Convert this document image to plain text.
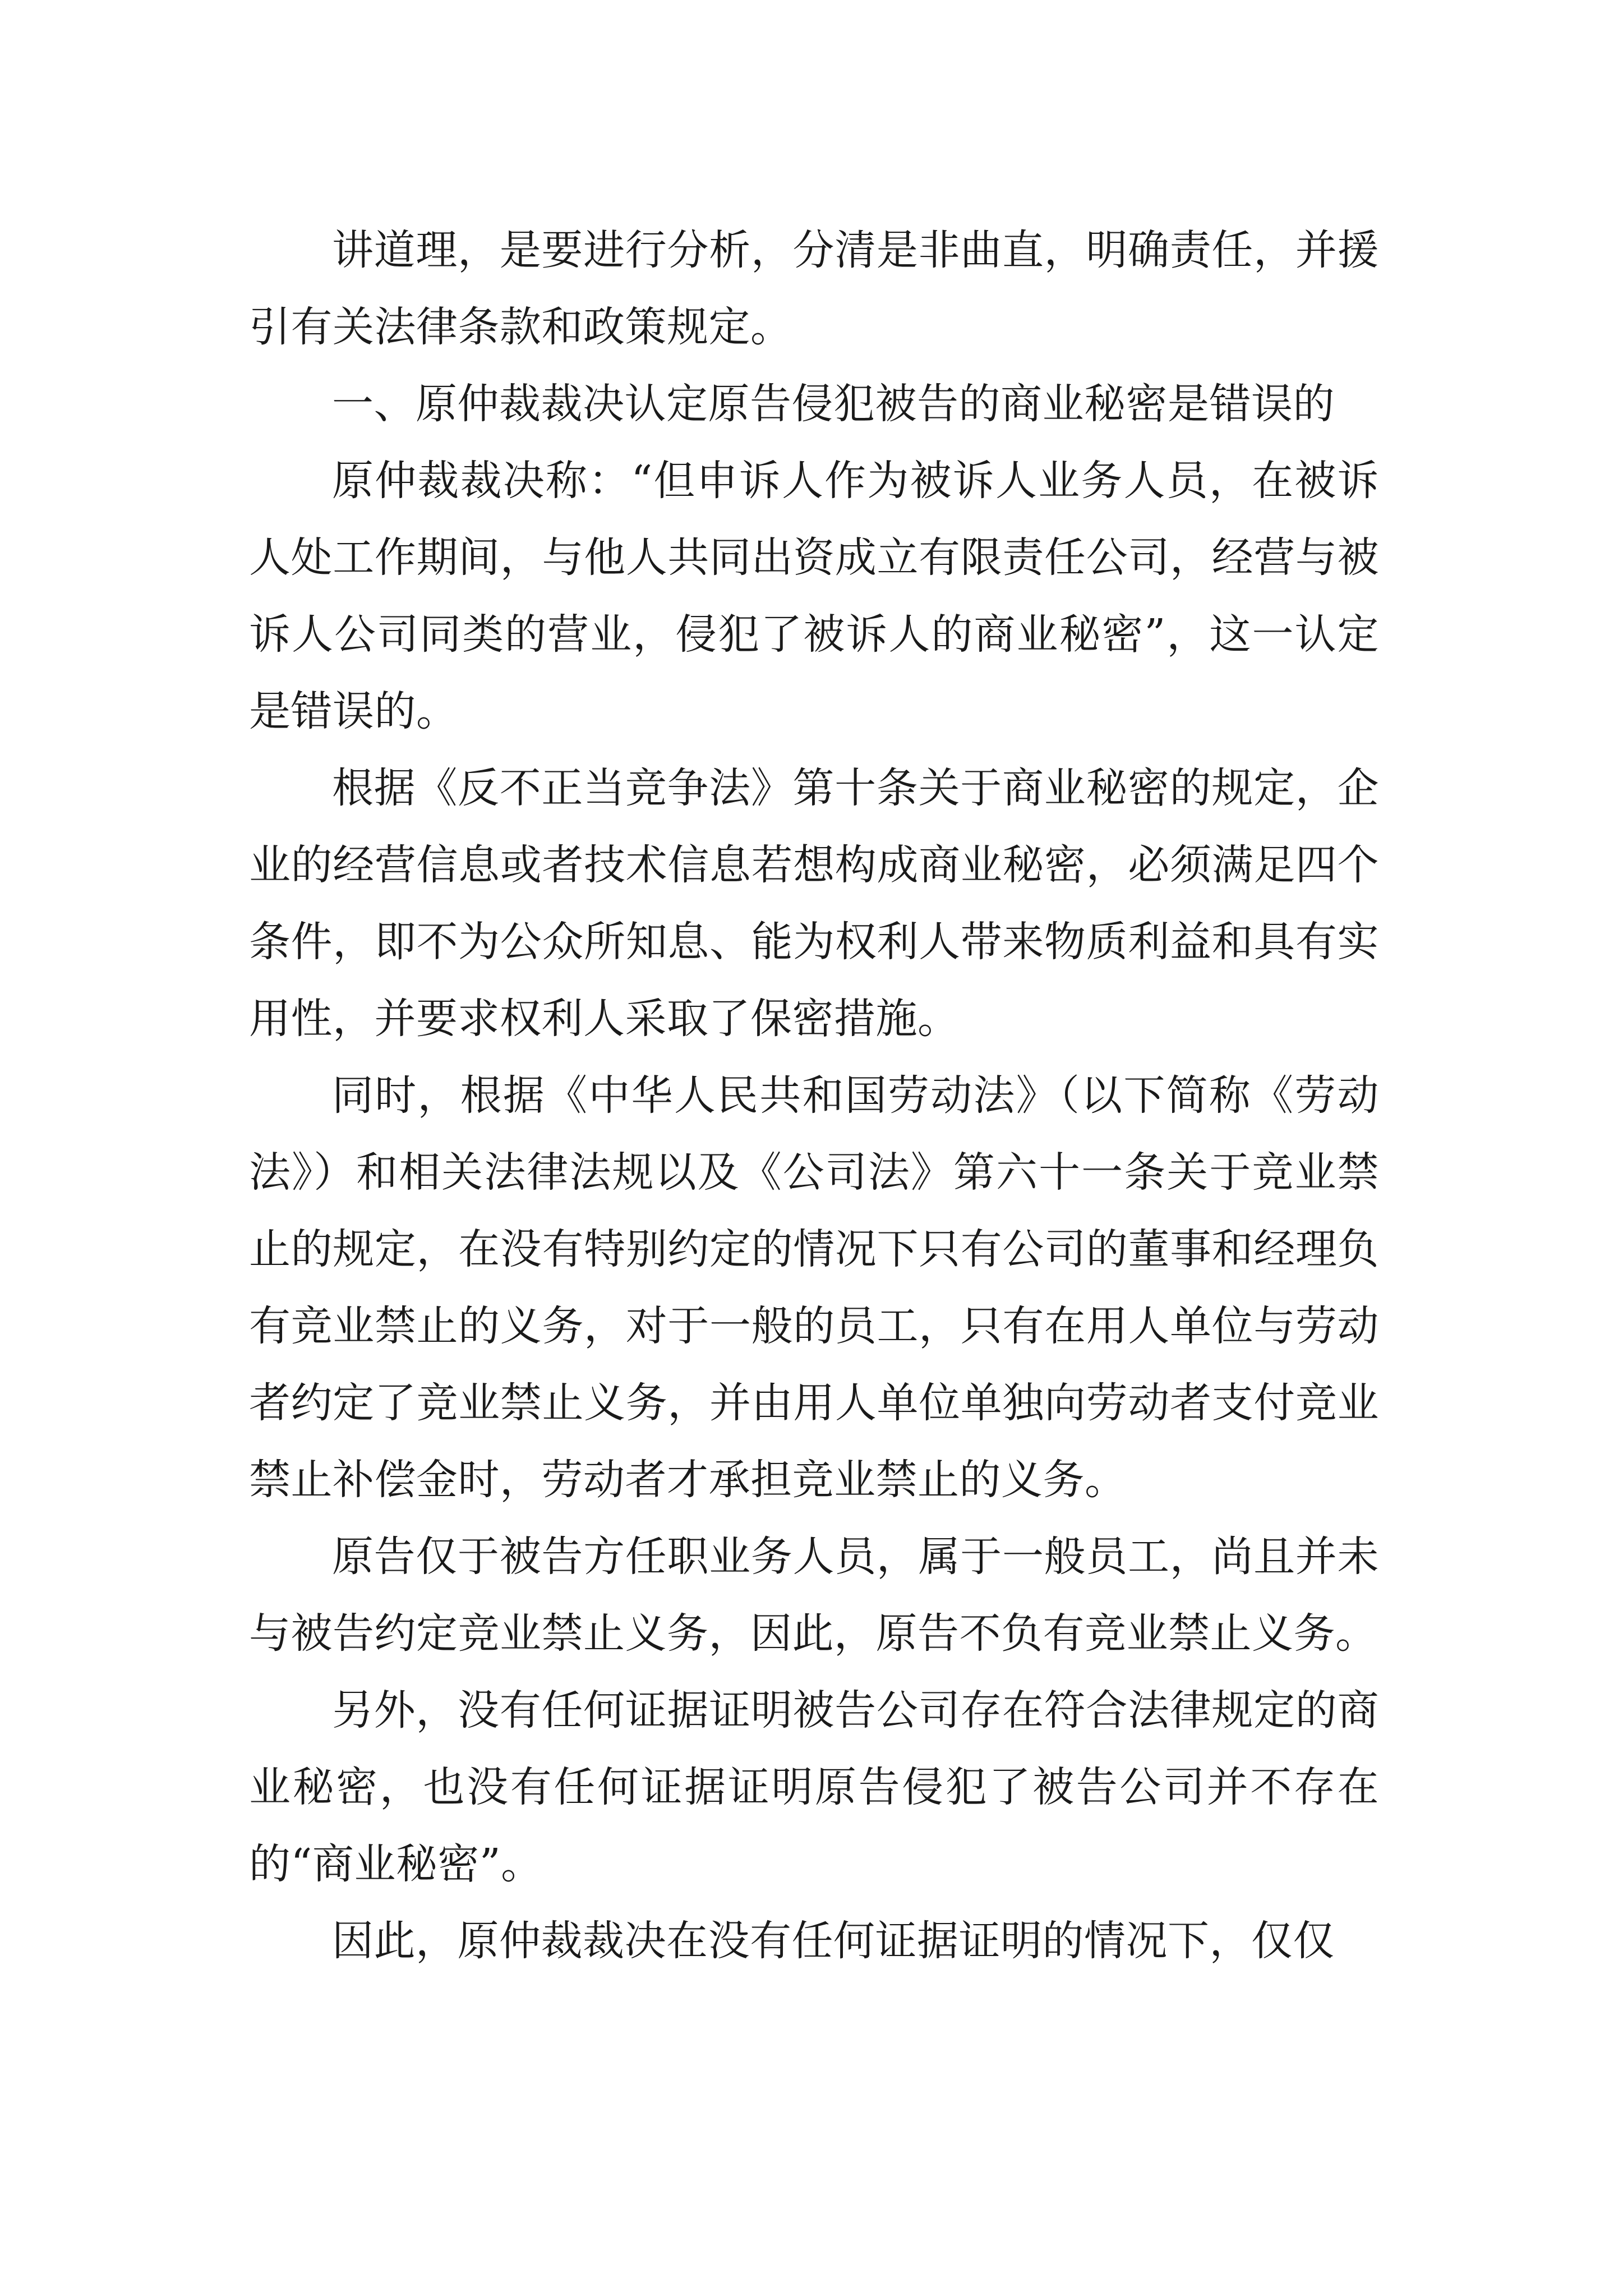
讲道理，是要进行分析，分清是非曲直，明确责任，并援引有关法律条款和政策规定。

一、原仲裁裁决认定原告侵犯被告的商业秘密是错误的

原仲裁裁决称：“但申诉人作为被诉人业务人员，在被诉人处工作期间，与他人共同出资成立有限责任公司，经营与被诉人公司同类的营业，侵犯了被诉人的商业秘密”，这一认定是错误的。

根据《反不正当竞争法》第十条关于商业秘密的规定，企业的经营信息或者技术信息若想构成商业秘密，必须满足四个条件，即不为公众所知息、能为权利人带来物质利益和具有实用性，并要求权利人采取了保密措施。

同时，根据《中华人民共和国劳动法》（以下简称《劳动法》）和相关法律法规以及《公司法》第六十一条关于竞业禁止的规定，在没有特别约定的情况下只有公司的董事和经理负有竞业禁止的义务，对于一般的员工，只有在用人单位与劳动者约定了竞业禁止义务，并由用人单位单独向劳动者支付竞业禁止补偿金时，劳动者才承担竞业禁止的义务。

原告仅于被告方任职业务人员，属于一般员工，尚且并未与被告约定竞业禁止义务，因此，原告不负有竞业禁止义务。

另外，没有任何证据证明被告公司存在符合法律规定的商业秘密，也没有任何证据证明原告侵犯了被告公司并不存在的“商业秘密”。

因此，原仲裁裁决在没有任何证据证明的情况下，仅仅
